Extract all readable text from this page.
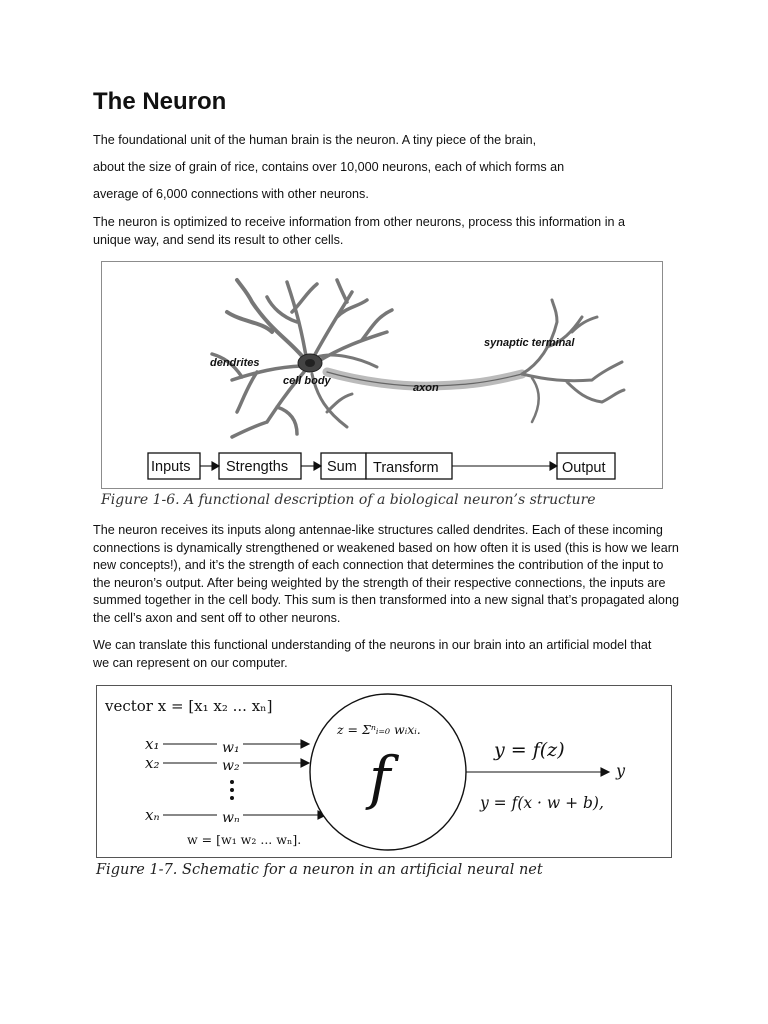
The Neuron
The foundational unit of the human brain is the neuron. A tiny piece of the brain,
about the size of grain of rice, contains over 10,000 neurons, each of which forms an
average of 6,000 connections with other neurons.
The neuron is optimized to receive information from other neurons, process this information in a unique way, and send its result to other cells.
dendrites
cell body
axon
synaptic terminal
Inputs Strengths	Sum Transform	Output
Figure 1-6. A functional description of a biological neuron’s structure
The neuron receives its inputs along antennae-like structures called dendrites. Each of these incoming connections is dynamically strengthened or weakened based on how often it is used (this is how we learn new concepts!), and it’s the strength of each connection that determines the contribution of the input to the neuron’s output. After being weighted by the strength of their respective connections, the inputs are summed together in the cell body. This sum is then transformed into a new signal that’s propagated along the cell’s axon and sent off to other neurons.
We can translate this functional understanding of the neurons in our brain into an artificial model that we can represent on our computer.
vector x = [x₁ x₂ ... xₙ]
x₁
x₂
xₙ
w₁
w₂
wₙ
w = [w₁ w₂ ... wₙ].
z = Σⁿᵢ₌₀ wᵢxᵢ.
f	y = f(z)
y
y = f(x · w + b),
Figure 1-7. Schematic for a neuron in an artificial neural net
